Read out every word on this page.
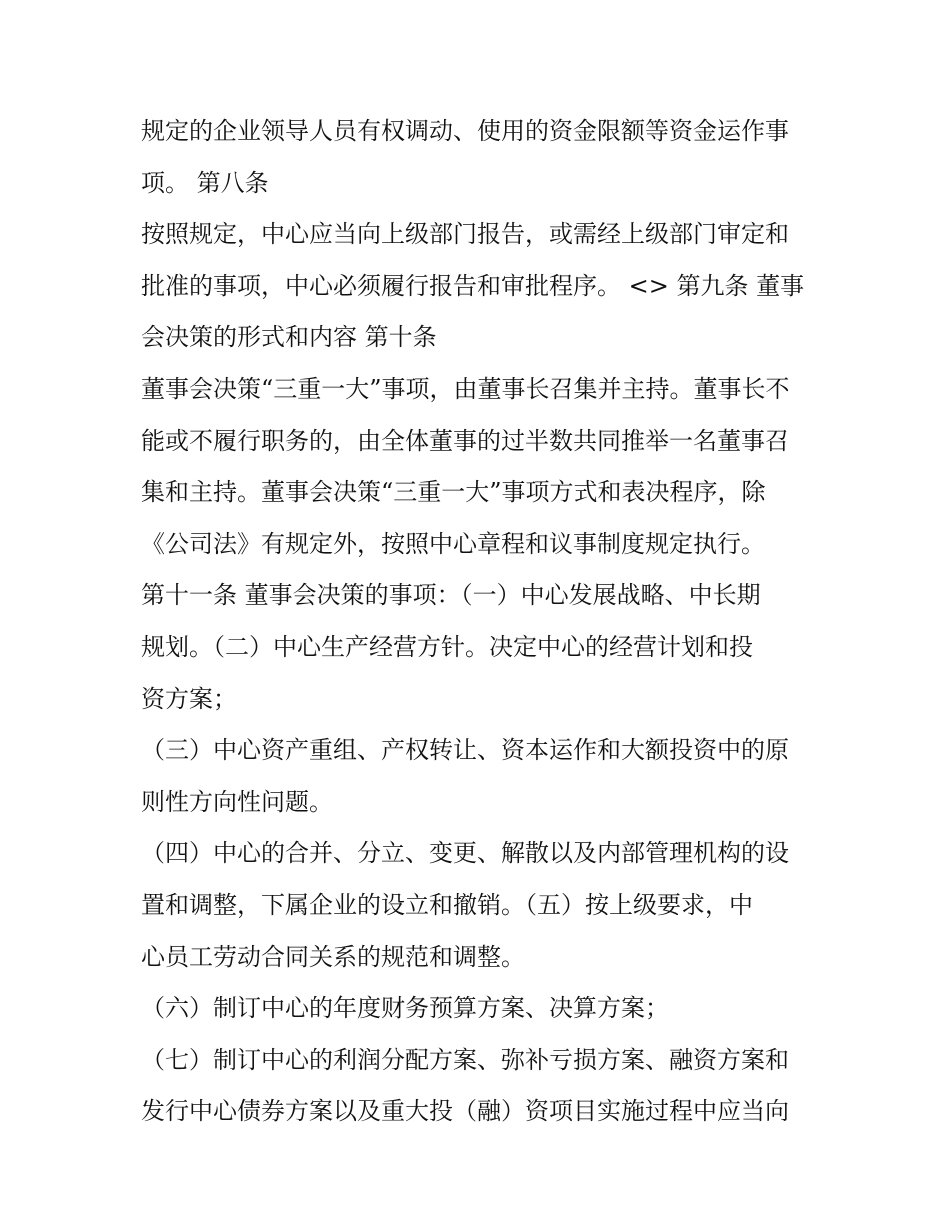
规定的企业领导人员有权调动、使用的资金限额等资金运作事
项。 第八条
按照规定，中心应当向上级部门报告，或需经上级部门审定和
批准的事项，中心必须履行报告和审批程序。 <> 第九条 董事
会决策的形式和内容 第十条
董事会决策“三重一大”事项，由董事长召集并主持。董事长不
能或不履行职务的，由全体董事的过半数共同推举一名董事召
集和主持。董事会决策“三重一大”事项方式和表决程序，除
《公司法》有规定外，按照中心章程和议事制度规定执行。
第十一条 董事会决策的事项：（一）中心发展战略、中长期
规划。（二）中心生产经营方针。决定中心的经营计划和投
资方案；
（三）中心资产重组、产权转让、资本运作和大额投资中的原
则性方向性问题。
（四）中心的合并、分立、变更、解散以及内部管理机构的设
置和调整，下属企业的设立和撤销。（五）按上级要求，中
心员工劳动合同关系的规范和调整。
（六）制订中心的年度财务预算方案、决算方案；
（七）制订中心的利润分配方案、弥补亏损方案、融资方案和
发行中心债券方案以及重大投（融）资项目实施过程中应当向
